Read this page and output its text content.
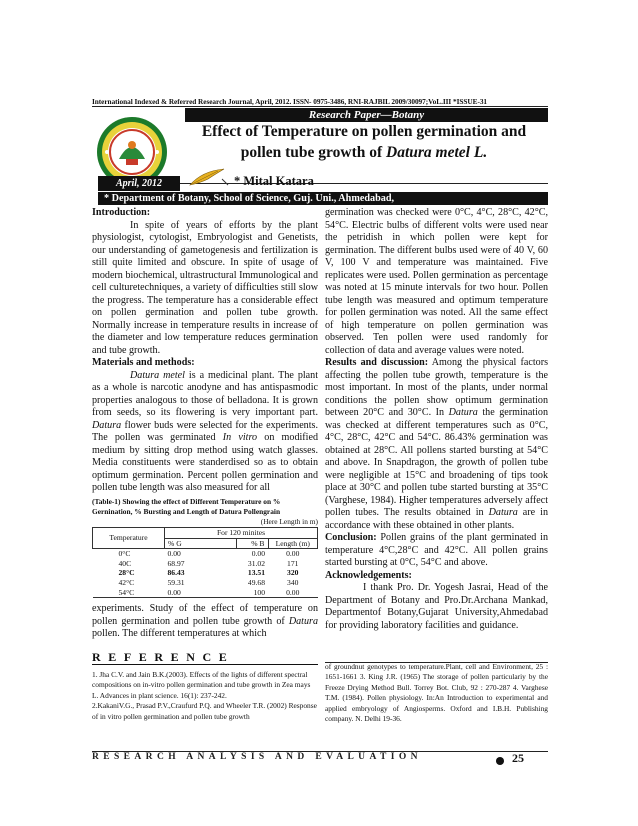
International Indexed & Referred Research Journal, April, 2012. ISSN- 0975-3486, RNI-RAJBIL 2009/30097;VoL.III *ISSUE-31
Research Paper—Botany
Effect of Temperature on pollen germination and
pollen tube growth of Datura metel L.
April, 2012	* Mital Katara
* Department of Botany, School of Science, Guj. Uni., Ahmedabad,

Introduction:

In spite of years of efforts by the plant physiologist, cytologist, Embryologist and Genetists, our understanding of gametogenesis and fertilization is still quite limited and obscure. In spite of usage of modern biochemical, ultrastructural Immunological and cell culturetechniques, a variety of difficulties still slow the progress. The temperature has a considerable effect on pollen germination and pollen tube growth. Normally increase in temperature results in increase of the diameter and low temperature reduces germination and tube growth.

Materials and methods:

Datura metel is a medicinal plant. The plant as a whole is narcotic anodyne and has antispasmodic properties analogous to those of belladona. It is grown from seeds, so its flowering is very important part. Datura flower buds were selected for the experiments. The pollen was germinated In vitro on modified medium by sitting drop method using watch glasses. Media constituents were standerdised so as to obtain optimum germination. Percent pollen germination and pollen tube length was also measured for all

(Table-1) Showing the effect of Different Temperature on % Gernination, % Bursting and Length of Datura Pollengrain
(Here Length in m)
Temperature	For 120 minites		
	% G	% B	Length (m)
0°C	0.00	0.00	0.00
40C	68.97	31.02	171
28°C	86.43	13.51	320
42°C	59.31	49.68	340
54°C	0.00	100	0.00

experiments. Study of the effect of temperature on pollen germination and pollen tube growth of Datura pollen. The different temperatures at which

germination was checked were 0°C, 4°C, 28°C, 42°C, 54°C. Electric bulbs of different volts were used near the petridish in which pollen were kept for germination. The different bulbs used were of 40 V, 60 V, 100 V and temperature was maintained. Five replicates were used. Pollen germination as percentage was noted at 15 minute intervals for two hour. Pollen tube length was measured and optimum temperature for pollen germination was noted. All the same effect of high temperature on pollen germination was observed. Ten pollen were used randomly for collection of data and average values were noted.

Results and discussion: Among the physical factors affecting the pollen tube growth, temperature is the most important. In most of the plants, under normal conditions the pollen show optimum germination between 20°C and 30°C. In Datura the germination was checked at different temperatures such as 0°C, 4°C, 28°C, 42°C and 54°C. 86.43% germination was obtained at 28°C. All pollens started bursting at 54°C and above. In Snapdragon, the growth of pollen tube were negligible at 15°C and broadening of tips took place at 30°C and pollen tube started bursting at 35°C (Varghese, 1984). Higher temperatures adversely affect pollen tubes. The results obtained in Datura are in accordance with these obtained in other plants.

Conclusion: Pollen grains of the plant germinated in temperature 4°C,28°C and 42°C. All pollen grains started bursting at 0°C, 54°C and above.

Acknowledgements:

I thank Pro. Dr. Yogesh Jasrai, Head of the Department of Botany and Pro.Dr.Archana Mankad, Departmentof Botany,Gujarat University,Ahmedabad for providing laboratory facilities and guidance.

REFERENCE

1. Jha C.V. and Jain B.K.(2003). Effects of the lights of different spectral compositions on in-vitro pollen germination and tube growth in Zea mays L. Advances in plant science. 16(1): 237-242.

2.KakaniV.G., Prasad P.V.,Craufurd P.Q. and Wheeler T.R. (2002) Response of in vitro pollen germination and pollen tube growth

of groundnut genotypes to temperature.Plant, cell and Environment, 25 : 1651-1661 3. King J.R. (1965) The storage of pollen particulariy by the Freeze Drying Method Bull. Torrey Bot. Club, 92 : 270-287 4. Varghese T.M. (1984). Pollen physiology. In:An Introduction to experimental and applied embryology of Angiosperms. Oxford and I.B.H. Publishing company. N. Delhi 19-36.

RESEARCH ANALYSIS AND EVALUATION	25
